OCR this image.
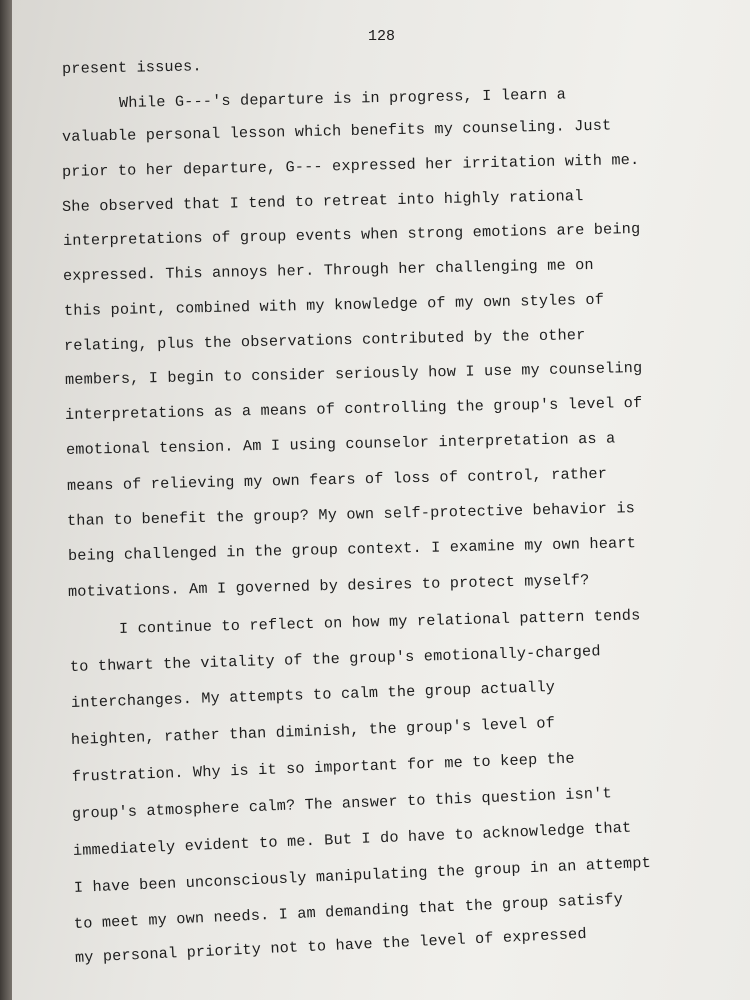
128
present issues.
While G---'s departure is in progress, I learn a
valuable personal lesson which benefits my counseling. Just
prior to her departure, G--- expressed her irritation with me.
She observed that I tend to retreat into highly rational
interpretations of group events when strong emotions are being
expressed. This annoys her. Through her challenging me on
this point, combined with my knowledge of my own styles of
relating, plus the observations contributed by the other
members, I begin to consider seriously how I use my counseling
interpretations as a means of controlling the group's level of
emotional tension. Am I using counselor interpretation as a
means of relieving my own fears of loss of control, rather
than to benefit the group? My own self-protective behavior is
being challenged in the group context. I examine my own heart
motivations. Am I governed by desires to protect myself?
I continue to reflect on how my relational pattern tends
to thwart the vitality of the group's emotionally-charged
interchanges. My attempts to calm the group actually
heighten, rather than diminish, the group's level of
frustration. Why is it so important for me to keep the
group's atmosphere calm? The answer to this question isn't
immediately evident to me. But I do have to acknowledge that
I have been unconsciously manipulating the group in an attempt
to meet my own needs. I am demanding that the group satisfy
my personal priority not to have the level of expressed
